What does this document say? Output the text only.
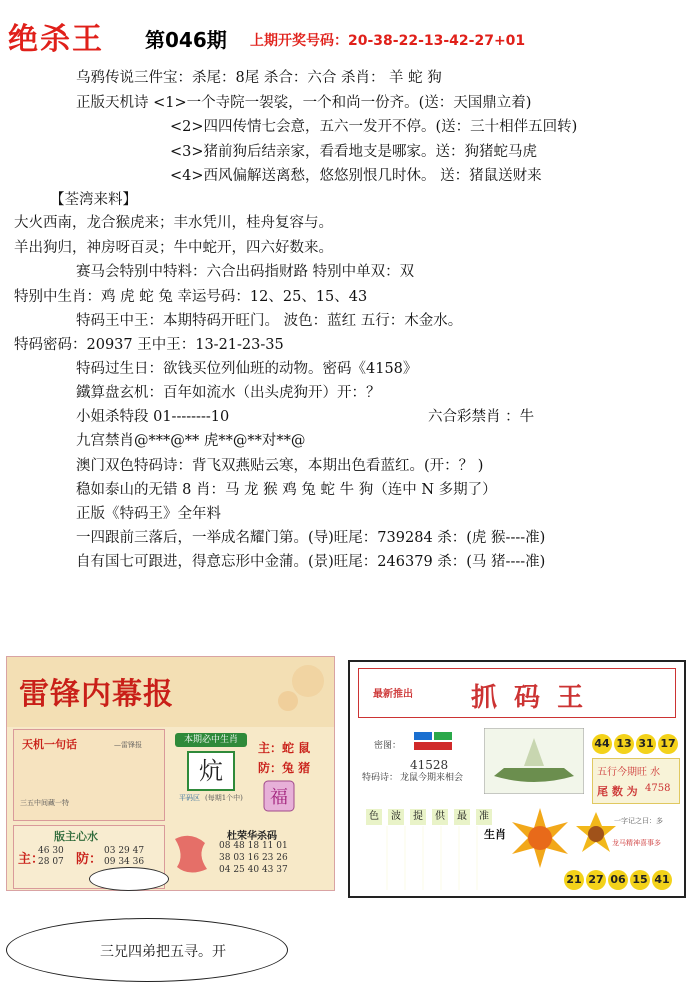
绝杀王 第046期 上期开奖号码：20-38-22-13-42-27+01
乌鸦传说三件宝：杀尾：8尾 杀合：六合 杀肖： 羊 蛇 狗
正版天机诗 <1>一个寺院一袈裟，一个和尚一份齐。(送：天国鼎立着)
<2>四四传情七会意，五六一发开不停。(送：三十相伴五回转)
<3>猪前狗后结亲家，看看地支是哪家。送：狗猪蛇马虎
<4>西风偏解送离愁，悠悠别恨几时休。 送：猪鼠送财来
【荃湾来料】
大火西南，龙合猴虎来；丰水凭川，桂舟复容与。
羊出狗归，神房呀百灵；牛中蛇开，四六好数来。
赛马会特别中特料：六合出码指财路 特别中单双：双
特别中生肖：鸡 虎 蛇 兔 幸运号码：12、25、15、43
特码王中王：本期特码开旺门。 波色：蓝红 五行：木金水。
特码密码：20937 王中王：13-21-23-35
特码过生日：欲钱买位列仙班的动物。密码《4158》
鐵算盘玄机：百年如流水（出头虎狗开）开：？
小姐杀特段 01--------10	六合彩禁肖 ：牛
九宫禁肖@***@** 虎**@**对**@
澳门双色特码诗：背飞双燕贴云寒，本期出色看蓝红。(开：？ )
稳如泰山的无错 8 肖：马 龙 猴 鸡 兔 蛇 牛 狗（连中 N 多期了）
正版《特码王》全年料
一四跟前三落后，一举成名耀门第。(导)旺尾：739284 杀：(虎 猴----准)
自有国七可跟进，得意忘形中金蒲。(景)旺尾：246379 杀：(马 猪----准)
雷锋内幕报
天机一句话	—雷锋报
三五中间藏一特
本期必中生肖
炕
平码区 (每期1个中)
主：蛇 鼠
防：兔 猪
福
版主心水
主：
46 30
28 07 防：
03 29 47
09 34 36
杜荣华杀码
08 48 18 11 01
38 03 16 23 26
04 25 40 43 37
最新推出 抓 码 王
密图：
41528
特码诗： 龙鼠今期来相会
44 13 31 17
五行今期旺 水
尾 数 为 4758
色 波 提 供 最 准
生肖
一字记之曰：多
龙马精神喜事多
21 27 06 15 41
三兄四弟把五寻。开
